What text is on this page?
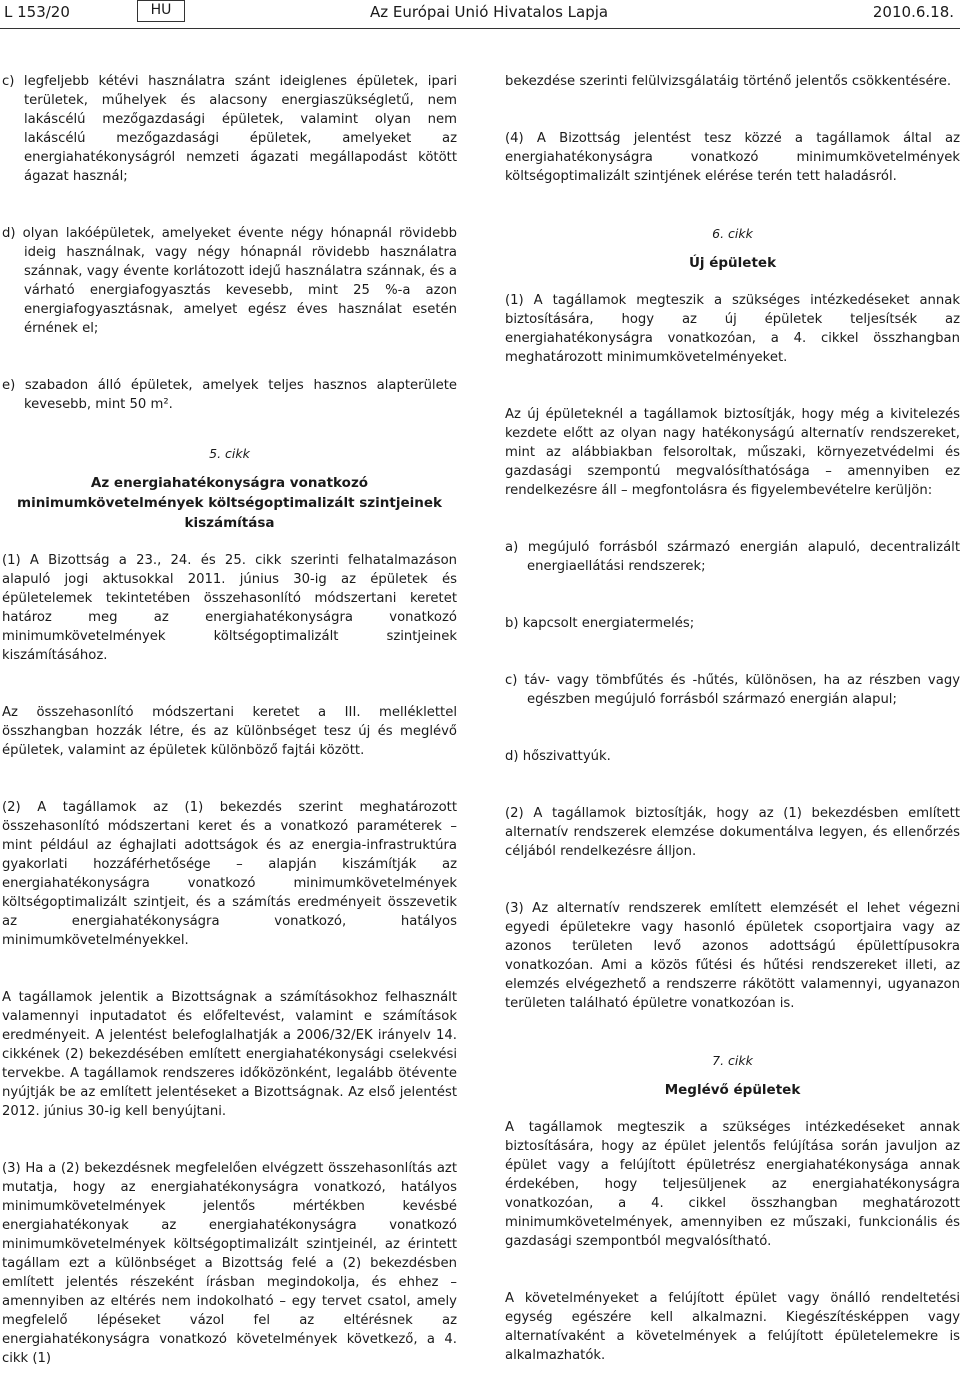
L 153/20	HU	Az Európai Unió Hivatalos Lapja	2010.6.18.

c) legfeljebb kétévi használatra szánt ideiglenes épületek, ipari területek, műhelyek és alacsony energiaszükségletű, nem lakáscélú mezőgazdasági épületek, valamint olyan nem lakáscélú mezőgazdasági épületek, amelyeket az energiahatékonyságról nemzeti ágazati megállapodást kötött ágazat használ;

d) olyan lakóépületek, amelyeket évente négy hónapnál rövidebb ideig használnak, vagy négy hónapnál rövidebb használatra szánnak, vagy évente korlátozott idejű használatra szánnak, és a várható energiafogyasztás kevesebb, mint 25 %-a azon energiafogyasztásnak, amelyet egész éves használat esetén érnének el;

e) szabadon álló épületek, amelyek teljes hasznos alapterülete kevesebb, mint 50 m².

5. cikk
Az energiahatékonyságra vonatkozó minimumkövetelmények költségoptimalizált szintjeinek kiszámítása

(1) A Bizottság a 23., 24. és 25. cikk szerinti felhatalmazáson alapuló jogi aktusokkal 2011. június 30-ig az épületek és épületelemek tekintetében összehasonlító módszertani keretet határoz meg az energiahatékonyságra vonatkozó minimumkövetelmények költségoptimalizált szintjeinek kiszámításához.

Az összehasonlító módszertani keretet a III. melléklettel összhangban hozzák létre, és az különbséget tesz új és meglévő épületek, valamint az épületek különböző fajtái között.

(2) A tagállamok az (1) bekezdés szerint meghatározott összehasonlító módszertani keret és a vonatkozó paraméterek – mint például az éghajlati adottságok és az energia-infrastruktúra gyakorlati hozzáférhetősége – alapján kiszámítják az energiahatékonyságra vonatkozó minimumkövetelmények költségoptimalizált szintjeit, és a számítás eredményeit összevetik az energiahatékonyságra vonatkozó, hatályos minimumkövetelményekkel.

A tagállamok jelentik a Bizottságnak a számításokhoz felhasznált valamennyi inputadatot és előfeltevést, valamint e számítások eredményeit. A jelentést belefoglalhatják a 2006/32/EK irányelv 14. cikkének (2) bekezdésében említett energiahatékonysági cselekvési tervekbe. A tagállamok rendszeres időközönként, legalább ötévente nyújtják be az említett jelentéseket a Bizottságnak. Az első jelentést 2012. június 30-ig kell benyújtani.

(3) Ha a (2) bekezdésnek megfelelően elvégzett összehasonlítás azt mutatja, hogy az energiahatékonyságra vonatkozó, hatályos minimumkövetelmények jelentős mértékben kevésbé energiahatékonyak az energiahatékonyságra vonatkozó minimumkövetelmények költségoptimalizált szintjeinél, az érintett tagállam ezt a különbséget a Bizottság felé a (2) bekezdésben említett jelentés részeként írásban megindokolja, és ehhez – amennyiben az eltérés nem indokolható – egy tervet csatol, amely megfelelő lépéseket vázol fel az eltérésnek az energiahatékonyságra vonatkozó követelmények következő, a 4. cikk (1)

bekezdése szerinti felülvizsgálatáig történő jelentős csökkentésére.

(4) A Bizottság jelentést tesz közzé a tagállamok által az energiahatékonyságra vonatkozó minimumkövetelmények költségoptimalizált szintjének elérése terén tett haladásról.

6. cikk
Új épületek

(1) A tagállamok megteszik a szükséges intézkedéseket annak biztosítására, hogy az új épületek teljesítsék az energiahatékonyságra vonatkozóan, a 4. cikkel összhangban meghatározott minimumkövetelményeket.

Az új épületeknél a tagállamok biztosítják, hogy még a kivitelezés kezdete előtt az olyan nagy hatékonyságú alternatív rendszereket, mint az alábbiakban felsoroltak, műszaki, környezetvédelmi és gazdasági szempontú megvalósíthatósága – amennyiben ez rendelkezésre áll – megfontolásra és figyelembevételre kerüljön:

a) megújuló forrásból származó energián alapuló, decentralizált energiaellátási rendszerek;

b) kapcsolt energiatermelés;

c) táv- vagy tömbfűtés és -hűtés, különösen, ha az részben vagy egészben megújuló forrásból származó energián alapul;

d) hőszivattyúk.

(2) A tagállamok biztosítják, hogy az (1) bekezdésben említett alternatív rendszerek elemzése dokumentálva legyen, és ellenőrzés céljából rendelkezésre álljon.

(3) Az alternatív rendszerek említett elemzését el lehet végezni egyedi épületekre vagy hasonló épületek csoportjaira vagy az azonos területen levő azonos adottságú épülettípusokra vonatkozóan. Ami a közös fűtési és hűtési rendszereket illeti, az elemzés elvégezhető a rendszerre rákötött valamennyi, ugyanazon területen található épületre vonatkozóan is.

7. cikk
Meglévő épületek

A tagállamok megteszik a szükséges intézkedéseket annak biztosítására, hogy az épület jelentős felújítása során javuljon az épület vagy a felújított épületrész energiahatékonysága annak érdekében, hogy teljesüljenek az energiahatékonyságra vonatkozóan, a 4. cikkel összhangban meghatározott minimumkövetelmények, amennyiben ez műszaki, funkcionális és gazdasági szempontból megvalósítható.

A követelményeket a felújított épület vagy önálló rendeltetési egység egészére kell alkalmazni. Kiegészítésképpen vagy alternatívaként a követelmények a felújított épületelemekre is alkalmazhatók.
